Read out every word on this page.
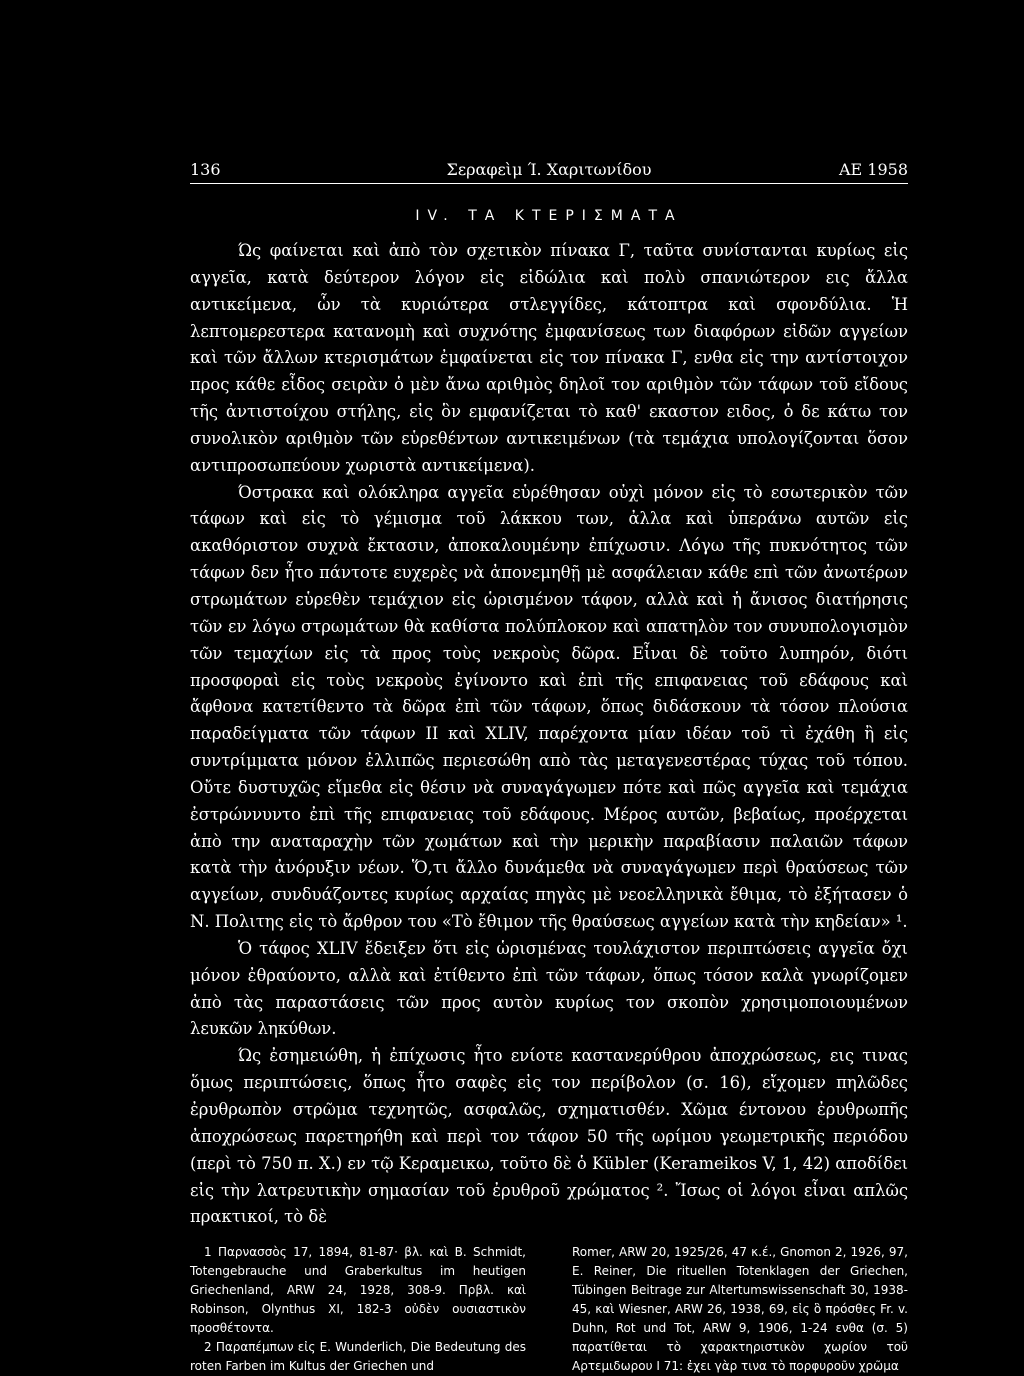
136	Σεραφεὶμ Ί. Χαριτωνίδου	ΑΕ 1958
IV. ΤΑ ΚΤΕΡΙΣΜΑΤΑ

Ώς φαίνεται καὶ ἀπὸ τὸν σχετικὸν πίνακα Γ, ταῦτα συνίστανται κυρίως εἰς αγγεῖα, κατὰ δεύτερον λόγον εἰς εἰδώλια καὶ πολὺ σπανιώτερον εις ἄλλα αντικείμενα, ὧν τὰ κυριώτερα στλεγγίδες, κάτοπτρα καὶ σφονδύλια. Ἡ λεπτομερεστερα κατανομὴ καὶ συχνότης ἐμφανίσεως των διαφόρων εἰδῶν αγγείων καὶ τῶν ἄλλων κτερισμάτων ἐμφαίνεται εἰς τον πίνακα Γ, ενθα εἰς την αντίστοιχον προς κάθε εἶδος σειρὰν ὁ μὲν ἄνω αριθμὸς δηλοῖ τον αριθμὸν τῶν τάφων τοῦ εἴδους τῆς ἀντιστοίχου στήλης, εἰς ὃν εμφανίζεται τὸ καθ' εκαστον ειδος, ὁ δε κάτω τον συνολικὸν αριθμὸν τῶν εὑρεθέντων αντικειμένων (τὰ τεμάχια υπολογίζονται ὅσον αντιπροσωπεύουν χωριστὰ αντικείμενα).

Όστρακα καὶ ολόκληρα αγγεῖα εὑρέθησαν οὐχὶ μόνον εἰς τὸ εσωτερικὸν τῶν τάφων καὶ εἰς τὸ γέμισμα τοῦ λάκκου των, ἀλλα καὶ ὑπεράνω αυτῶν εἰς ακαθόριστον συχνὰ ἔκτασιν, ἀποκαλουμένην ἐπίχωσιν. Λόγω τῆς πυκνότητος τῶν τάφων δεν ἦτο πάντοτε ευχερὲς νὰ ἀπονεμηθῇ μὲ ασφάλειαν κάθε επὶ τῶν ἀνωτέρων στρωμάτων εὑρεθὲν τεμάχιον εἰς ὡρισμένον τάφον, αλλὰ καὶ ἡ ἄνισος διατήρησις τῶν εν λόγω στρωμάτων θὰ καθίστα πολύπλοκον καὶ απατηλὸν τον συνυπολογισμὸν τῶν τεμαχίων εἰς τὰ προς τοὺς νεκροὺς δῶρα. Εἶναι δὲ τοῦτο λυπηρόν, διότι προσφοραὶ εἰς τοὺς νεκροὺς ἐγίνοντο καὶ ἐπὶ τῆς επιφανειας τοῦ εδάφους καὶ ἄφθονα κατετίθεντο τὰ δῶρα ἐπὶ τῶν τάφων, ὅπως διδάσκουν τὰ τόσον πλούσια παραδείγματα τῶν τάφων II καὶ XLIV, παρέχοντα μίαν ιδέαν τοῦ τὶ ἐχάθη ἢ εἰς συντρίμματα μόνον ἐλλιπῶς περιεσώθη απὸ τὰς μεταγενεστέρας τύχας τοῦ τόπου. Οὔτε δυστυχῶς εἴμεθα εἰς θέσιν νὰ συναγάγωμεν πότε καὶ πῶς αγγεῖα καὶ τεμάχια ἐστρώννυντο ἐπὶ τῆς επιφανειας τοῦ εδάφους. Μέρος αυτῶν, βεβαίως, προέρχεται ἀπὸ την αναταραχὴν τῶν χωμάτων καὶ τὴν μερικὴν παραβίασιν παλαιῶν τάφων κατὰ τὴν ἀνόρυξιν νέων. Ὅ,τι ἄλλο δυνάμεθα νὰ συναγάγωμεν περὶ θραύσεως τῶν αγγείων, συνδυάζοντες κυρίως αρχαίας πηγὰς μὲ νεοελληνικὰ ἔθιμα, τὸ ἐξήτασεν ὁ Ν. Πολιτης εἰς τὸ ἄρθρον του «Τὸ ἔθιμον τῆς θραύσεως αγγείων κατὰ τὴν κηδείαν» ¹.

Ὁ τάφος XLIV ἔδειξεν ὅτι εἰς ὡρισμένας τουλάχιστον περιπτώσεις αγγεῖα ὄχι μόνον ἐθραύοντο, αλλὰ καὶ ἐτίθεντο ἐπὶ τῶν τάφων, ὅπως τόσον καλὰ γνωρίζομεν ἀπὸ τὰς παραστάσεις τῶν προς αυτὸν κυρίως τον σκοπὸν χρησιμοποιουμένων λευκῶν ληκύθων.

Ώς ἐσημειώθη, ἡ ἐπίχωσις ἦτο ενίοτε καστανερύθρου ἀποχρώσεως, εις τινας ὅμως περιπτώσεις, ὅπως ἦτο σαφὲς εἰς τον περίβολον (σ. 16), εἴχομεν πηλῶδες ἐρυθρωπὸν στρῶμα τεχνητῶς, ασφαλῶς, σχηματισθέν. Χῶμα έντονου ἐρυθρωπῆς ἀποχρώσεως παρετηρήθη καὶ περὶ τον τάφον 50 τῆς ωρίμου γεωμετρικῆς περιόδου (περὶ τὸ 750 π. Χ.) εν τῷ Κεραμεικω, τοῦτο δὲ ὁ Kübler (Kerameikos V, 1, 42) αποδίδει εἰς τὴν λατρευτικὴν σημασίαν τοῦ ἐρυθροῦ χρώματος ². Ἴσως οἱ λόγοι εἶναι απλῶς πρακτικοί, τὸ δὲ

1 Παρνασσὸς 17, 1894, 81-87· βλ. καὶ Β. Schmidt, Totengebrauche und Graberkultus im heutigen Griechenland, ARW 24, 1928, 308-9. Πρβλ. καὶ Robinson, Olynthus XI, 182-3 οὐδὲν ουσιαστικὸν προσθέτοντα.

2 Παραπέμπων εἰς E. Wunderlich, Die Bedeutung des roten Farben im Kultus der Griechen und

Romer, ARW 20, 1925/26, 47 κ.έ., Gnomon 2, 1926, 97, E. Reiner, Die rituellen Totenklagen der Griechen, Tübingen Beitrage zur Altertumswissenschaft 30, 1938-45, καὶ Wiesner, ARW 26, 1938, 69, εἰς ὃ πρόσθες Fr. v. Duhn, Rot und Tot, ARW 9, 1906, 1-24 ενθα (σ. 5) παρατίθεται τὸ χαρακτηριστικὸν χωρίον τοῦ Αρτεμιδωρου Ι 71: ἐχει γὰρ τινα τὸ πορφυροῦν χρῶμα
